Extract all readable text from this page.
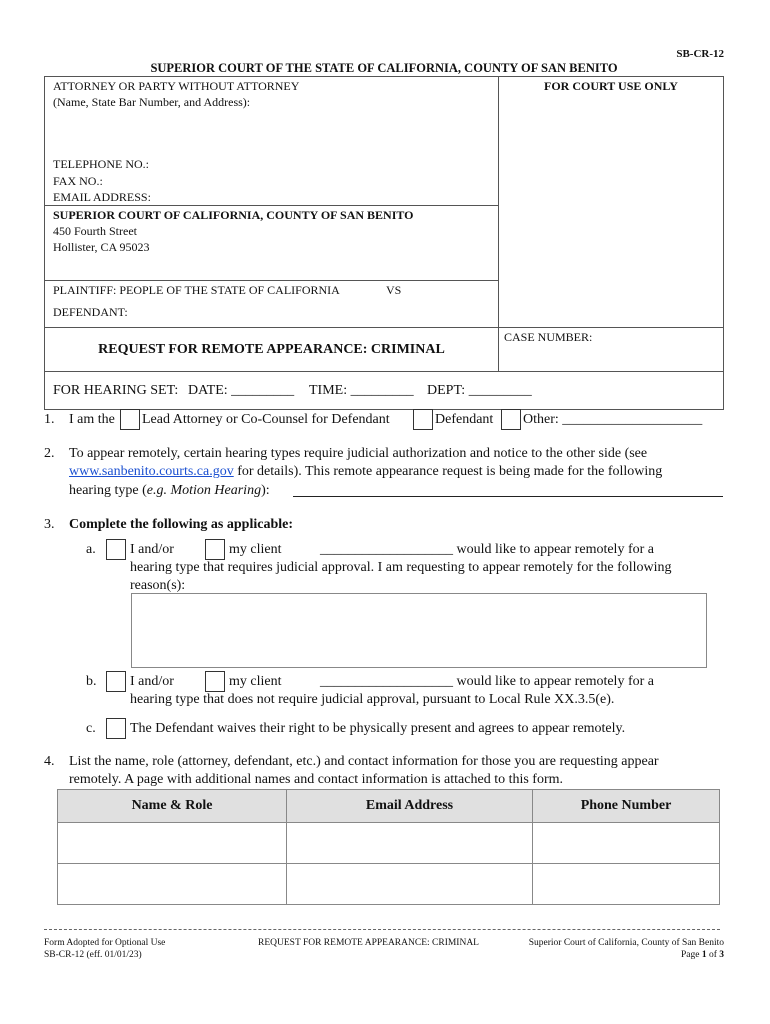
SB-CR-12
SUPERIOR COURT OF THE STATE OF CALIFORNIA, COUNTY OF SAN BENITO
ATTORNEY OR PARTY WITHOUT ATTORNEY
(Name, State Bar Number, and Address):
TELEPHONE NO.:
FAX NO.:
EMAIL ADDRESS:
FOR COURT USE ONLY
SUPERIOR COURT OF CALIFORNIA, COUNTY OF SAN BENITO
450 Fourth Street
Hollister, CA 95023
PLAINTIFF: PEOPLE OF THE STATE OF CALIFORNIA	VS
DEFENDANT:
REQUEST FOR REMOTE APPEARANCE: CRIMINAL
CASE NUMBER:
FOR HEARING SET: DATE: _________ TIME: _________ DEPT: _________
1. I am the Lead Attorney or Co-Counsel for Defendant	Defendant Other: ____________________
2. To appear remotely, certain hearing types require judicial authorization and notice to the other side (see
www.sanbenito.courts.ca.gov for details). This remote appearance request is being made for the following
hearing type (e.g. Motion Hearing):
3. Complete the following as applicable:
a. I and/or	my client	___________________ would like to appear remotely for a
hearing type that requires judicial approval. I am requesting to appear remotely for the following
reason(s):
b. I and/or	my client	___________________ would like to appear remotely for a
hearing type that does not require judicial approval, pursuant to Local Rule XX.3.5(e).
c. The Defendant waives their right to be physically present and agrees to appear remotely.
4. List the name, role (attorney, defendant, etc.) and contact information for those you are requesting appear
remotely. A page with additional names and contact information is attached to this form.
Name & Role	Email Address	Phone Number

Form Adopted for Optional Use
SB-CR-12 (eff. 01/01/23)
REQUEST FOR REMOTE APPEARANCE: CRIMINAL	Superior Court of California, County of San Benito
Page 1 of 3
